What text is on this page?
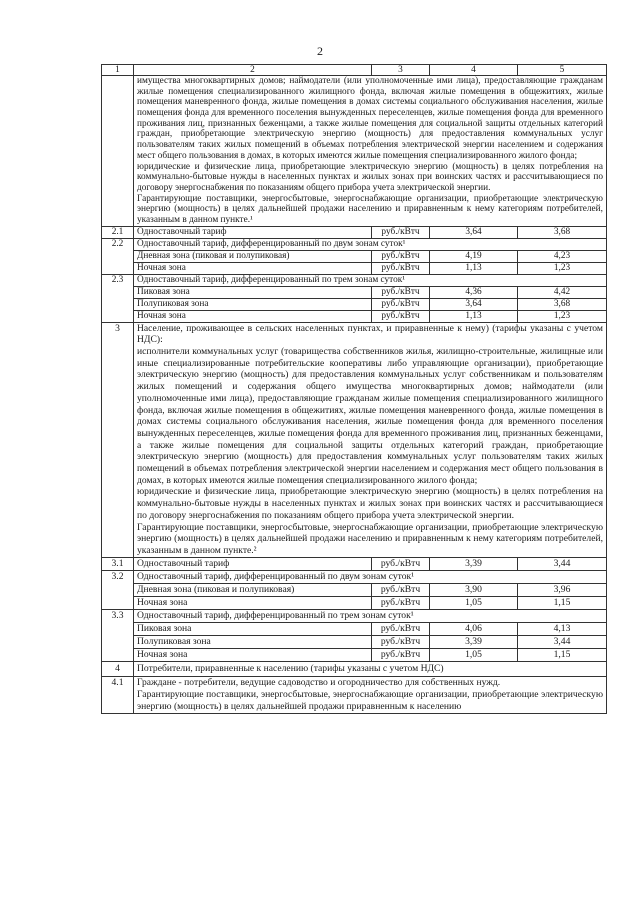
2
1	2	3	4	5

	имущества многоквартирных домов; наймодатели (или уполномоченные ими лица), предоставляющие гражданам жилые помещения специализированного жилищного фонда, включая жилые помещения в общежитиях, жилые помещения маневренного фонда, жилые помещения в домах системы социального обслуживания населения, жилые помещения фонда для временного поселения вынужденных переселенцев, жилые помещения фонда для временного проживания лиц, признанных беженцами, а также жилые помещения для социальной защиты отдельных категорий граждан, приобретающие электрическую энергию (мощность) для предоставления коммунальных услуг пользователям таких жилых помещений в объемах потребления электрической энергии населением и содержания мест общего пользования в домах, в которых имеются жилые помещения специализированного жилого фонда;

юридические и физические лица, приобретающие электрическую энергию (мощность) в целях потребления на коммунально-бытовые нужды в населенных пунктах и жилых зонах при воинских частях и рассчитывающиеся по договору энергоснабжения по показаниям общего прибора учета электрической энергии.

Гарантирующие поставщики, энергосбытовые, энергоснабжающие организации, приобретающие электрическую энергию (мощность) в целях дальнейшей продажи населению и приравненным к нему категориям потребителей, указанным в данном пункте.¹			

2.1	Одноставочный тариф	руб./кВтч	3,64	3,68
2.2	Одноставочный тариф, дифференцированный по двум зонам суток¹			
	Дневная зона (пиковая и полупиковая)	руб./кВтч	4,19	4,23
	Ночная зона	руб./кВтч	1,13	1,23
2.3	Одноставочный тариф, дифференцированный по трем зонам суток¹			
	Пиковая зона	руб./кВтч	4,36	4,42
	Полупиковая зона	руб./кВтч	3,64	3,68
	Ночная зона	руб./кВтч	1,13	1,23
3	Население, проживающее в сельских населенных пунктах, и приравненные к нему) (тарифы указаны с учетом НДС):

исполнители коммунальных услуг (товарищества собственников жилья, жилищно-строительные, жилищные или иные специализированные потребительские кооперативы либо управляющие организации), приобретающие электрическую энергию (мощность) для предоставления коммунальных услуг собственникам и пользователям жилых помещений и содержания общего имущества многоквартирных домов; наймодатели (или уполномоченные ими лица), предоставляющие гражданам жилые помещения специализированного жилищного фонда, включая жилые помещения в общежитиях, жилые помещения маневренного фонда, жилые помещения в домах системы социального обслуживания населения, жилые помещения фонда для временного поселения вынужденных переселенцев, жилые помещения фонда для временного проживания лиц, признанных беженцами, а также жилые помещения для социальной защиты отдельных категорий граждан, приобретающие электрическую энергию (мощность) для предоставления коммунальных услуг пользователям таких жилых помещений в объемах потребления электрической энергии населением и содержания мест общего пользования в домах, в которых имеются жилые помещения специализированного жилого фонда;

юридические и физические лица, приобретающие электрическую энергию (мощность) в целях потребления на коммунально-бытовые нужды в населенных пунктах и жилых зонах при воинских частях и рассчитывающиеся по договору энергоснабжения по показаниям общего прибора учета электрической энергии.

Гарантирующие поставщики, энергосбытовые, энергоснабжающие организации, приобретающие электрическую энергию (мощность) в целях дальнейшей продажи населению и приравненным к нему категориям потребителей, указанным в данном пункте.²			

3.1	Одноставочный тариф	руб./кВтч	3,39	3,44
3.2	Одноставочный тариф, дифференцированный по двум зонам суток¹			
	Дневная зона (пиковая и полупиковая)	руб./кВтч	3,90	3,96
	Ночная зона	руб./кВтч	1,05	1,15
3.3	Одноставочный тариф, дифференцированный по трем зонам суток¹			
	Пиковая зона	руб./кВтч	4,06	4,13
	Полупиковая зона	руб./кВтч	3,39	3,44
	Ночная зона	руб./кВтч	1,05	1,15
4	Потребители, приравненные к населению (тарифы указаны с учетом НДС)			
4.1	Граждане - потребители, ведущие садоводство и огородничество для собственных нужд.

Гарантирующие поставщики, энергосбытовые, энергоснабжающие организации, приобретающие электрическую энергию (мощность) в целях дальнейшей продажи приравненным к населению			
